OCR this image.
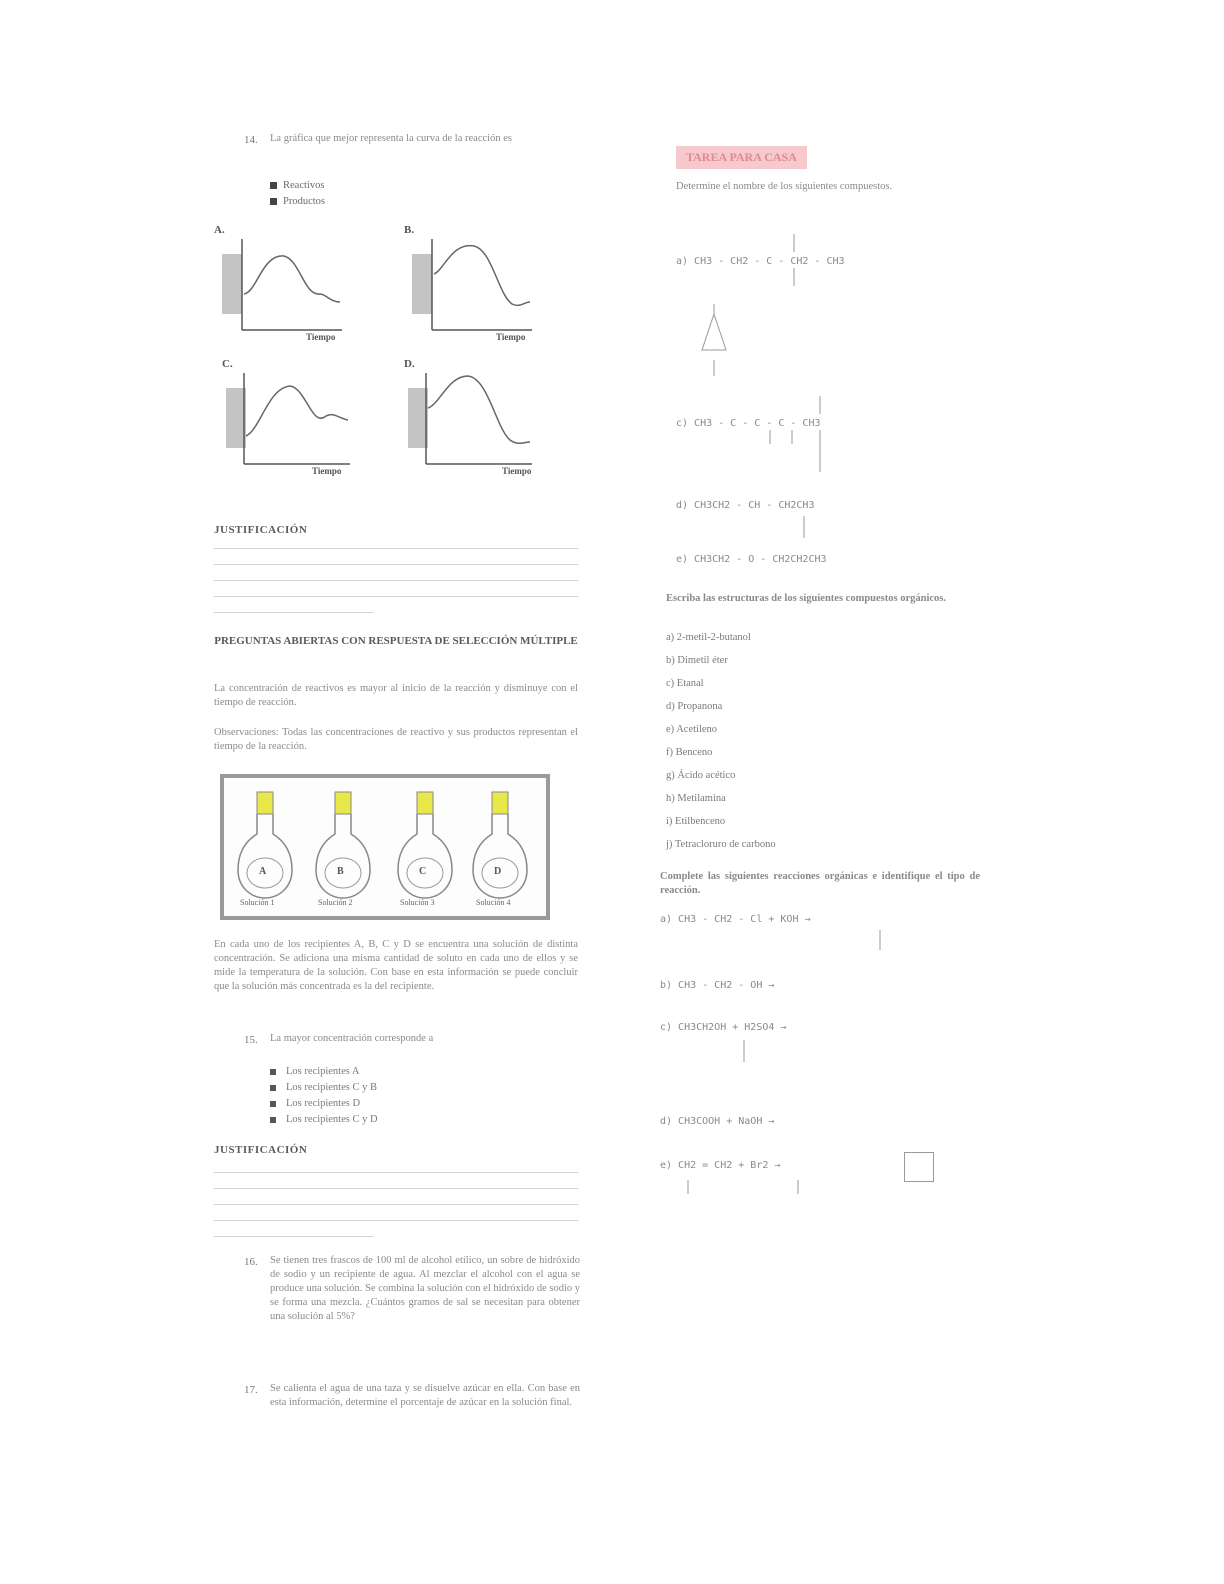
14. La gráfica que mejor representa la curva de la reacción es
Reactivos
Productos
A.
Tiempo
B.
Tiempo
C.
Tiempo
D.
Tiempo
JUSTIFICACIÓN
PREGUNTAS ABIERTAS CON RESPUESTA DE SELECCIÓN MÚLTIPLE
La concentración de reactivos es mayor al inicio de la reacción y disminuye con el tiempo de reacción.
Observaciones: Todas las concentraciones de reactivo y sus productos representan el tiempo de la reacción.
A	B	C	D
Solución 1	Solución 2	Solución 3	Solución 4
En cada uno de los recipientes A, B, C y D se encuentra una solución de distinta concentración. Se adiciona una misma cantidad de soluto en cada uno de ellos y se mide la temperatura de la solución. Con base en esta información se puede concluir que la solución más concentrada es la del recipiente.
15. La mayor concentración corresponde a
Los recipientes A
Los recipientes C y B
Los recipientes D
Los recipientes C y D
JUSTIFICACIÓN
16. Se tienen tres frascos de 100 ml de alcohol etílico, un sobre de hidróxido de sodio y un recipiente de agua. Al mezclar el alcohol con el agua se produce una solución. Se combina la solución con el hidróxido de sodio y se forma una mezcla. ¿Cuántos gramos de sal se necesitan para obtener una solución al 5%?
17. Se calienta el agua de una taza y se disuelve azúcar en ella. Con base en esta información, determine el porcentaje de azúcar en la solución final.
TAREA PARA CASA
Determine el nombre de los siguientes compuestos.
a) CH3 - CH2 - C - CH2 - CH3
c) CH3 - C - C - C - CH3
d) CH3CH2 - CH - CH2CH3
e) CH3CH2 - O - CH2CH2CH3
Escriba las estructuras de los siguientes compuestos orgánicos.
a) 2-metil-2-butanol
b) Dimetil éter
c) Etanal
d) Propanona
e) Acetileno
f) Benceno
g) Ácido acético
h) Metilamina
i) Etilbenceno
j) Tetracloruro de carbono
Complete las siguientes reacciones orgánicas e identifique el tipo de reacción.
a) CH3 - CH2 - Cl + KOH →
b) CH3 - CH2 - OH →
c) CH3CH2OH + H2SO4 →
d) CH3COOH + NaOH →
e) CH2 = CH2 + Br2 →
